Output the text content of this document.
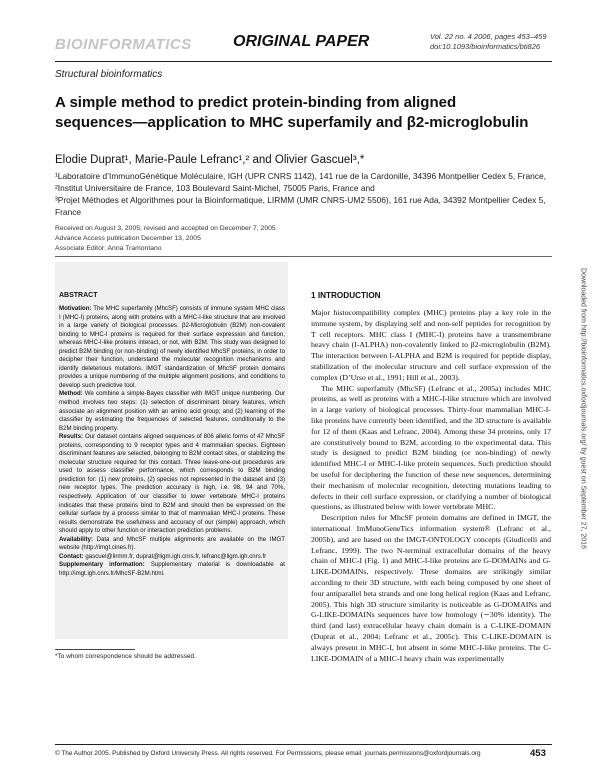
BIOINFORMATICS	ORIGINAL PAPER	Vol. 22 no. 4 2006, pages 453–459
doi:10.1093/bioinformatics/bti826
Structural bioinformatics
A simple method to predict protein-binding from aligned sequences—application to MHC superfamily and β2-microglobulin
Elodie Duprat¹, Marie-Paule Lefranc¹,² and Olivier Gascuel³,*
¹Laboratoire d’ImmunoGénétique Moléculaire, IGH (UPR CNRS 1142), 141 rue de la Cardonille, 34396 Montpellier Cedex 5, France, ²Institut Universitaire de France, 103 Boulevard Saint-Michel, 75005 Paris, France and
³Projet Méthodes et Algorithmes pour la Bioinformatique, LIRMM (UMR CNRS-UM2 5506), 161 rue Ada, 34392 Montpellier Cedex 5, France
Received on August 3, 2005; revised and accepted on December 7, 2005
Advance Access publication December 13, 2005
Associate Editor: Anna Tramontano
ABSTRACT

Motivation: The MHC superfamily (MhcSF) consists of immune system MHC class I (MHC-I) proteins, along with proteins with a MHC-I-like structure that are involved in a large variety of biological processes. β2-Microglobulin (B2M) non-covalent binding to MHC-I proteins is required for their surface expression and function, whereas MHC-I-like proteins interact, or not, with B2M. This study was designed to predict B2M binding (or non-binding) of newly identified MhcSF proteins, in order to decipher their function, understand the molecular recognition mechanisms and identify deleterious mutations. IMGT standardization of MhcSF protein domains provides a unique numbering of the multiple alignment positions, and conditions to develop such predictive tool.

Method: We combine a simple-Bayes classifier with IMGT unique numbering. Our method involves two steps: (1) selection of discriminant binary features, which associate an alignment position with an amino acid group; and (2) learning of the classifier by estimating the frequencies of selected features, conditionally to the B2M binding property.

Results: Our dataset contains aligned sequences of 806 allelic forms of 47 MhcSF proteins, corresponding to 9 receptor types and 4 mammalian species. Eighteen discriminant features are selected, belonging to B2M contact sites, or stabilizing the molecular structure required for this contact. Three leave-one-out procedures are used to assess classifier performance, which corresponds to B2M binding prediction for: (1) new proteins, (2) species not represented in the dataset and (3) new receptor types. The prediction accuracy is high, i.e. 98, 94 and 70%, respectively. Application of our classifier to lower vertebrate MHC-I proteins indicates that these proteins bind to B2M and should then be expressed on the cellular surface by a process similar to that of mammalian MHC-I proteins. These results demonstrate the usefulness and accuracy of our (simple) approach, which should apply to other function or interaction prediction problems.

Availability: Data and MhcSF multiple alignments are available on the IMGT website (http://imgt.cines.fr).

Contact: gascuel@lirmm.fr, duprat@ligm.igh.cnrs.fr, lefranc@ligm.igh.cnrs.fr

Supplementary information: Supplementary material is downloadable at http://imgt.igh.cnrs.fr/MhcSF-B2M.html.

*To whom correspondence should be addressed.
1 INTRODUCTION

Major histocompatibility complex (MHC) proteins play a key role in the immune system, by displaying self and non-self peptides for recognition by T cell receptors. MHC class I (MHC-I) proteins have a transmembrane heavy chain (I-ALPHA) non-covalently linked to β2-microglobulin (B2M). The interaction between I-ALPHA and B2M is required for peptide display, stabilization of the molecular structure and cell surface expression of the complex (D’Urso et al., 1991; Hill et al., 2003).

The MHC superfamily (MhcSF) (Lefranc et al., 2005a) includes MHC proteins, as well as proteins with a MHC-I-like structure which are involved in a large variety of biological processes. Thirty-four mammalian MHC-I-like proteins have currently been identified, and the 3D structure is available for 12 of them (Kaas and Lefranc, 2004). Among these 34 proteins, only 17 are constitutively bound to B2M, according to the experimental data. This study is designed to predict B2M binding (or non-binding) of newly identified MHC-I or MHC-I-like protein sequences. Such prediction should be useful for deciphering the function of these new sequences, determining their mechanism of molecular recognition, detecting mutations leading to defects in their cell surface expression, or clarifying a number of biological questions, as illustrated below with lower vertebrate MHC.

Description rules for MhcSF protein domains are defined in IMGT, the international ImMunoGeneTics information system® (Lefranc et al., 2005b), and are based on the IMGT-ONTOLOGY concepts (Giudicelli and Lefranc, 1999). The two N-terminal extracellular domains of the heavy chain of MHC-I (Fig. 1) and MHC-I-like proteins are G-DOMAINs and G-LIKE-DOMAINs, respectively. These domains are strikingly similar according to their 3D structure, with each being composed by one sheet of four antiparallel beta strands and one long helical region (Kaas and Lefranc, 2005). This high 3D structure similarity is noticeable as G-DOMAINs and G-LIKE-DOMAINs sequences have low homology (∼30% identity). The third (and last) extracellular heavy chain domain is a C-LIKE-DOMAIN (Duprat et al., 2004; Lefranc et al., 2005c). This C-LIKE-DOMAIN is always present in MHC-I, but absent in some MHC-I-like proteins. The C-LIKE-DOMAIN of a MHC-I heavy chain was experimentally

Downloaded from http://bioinformatics.oxfordjournals.org/ by guest on September 27, 2016
© The Author 2005. Published by Oxford University Press. All rights reserved. For Permissions, please email: journals.permissions@oxfordjournals.org	453
